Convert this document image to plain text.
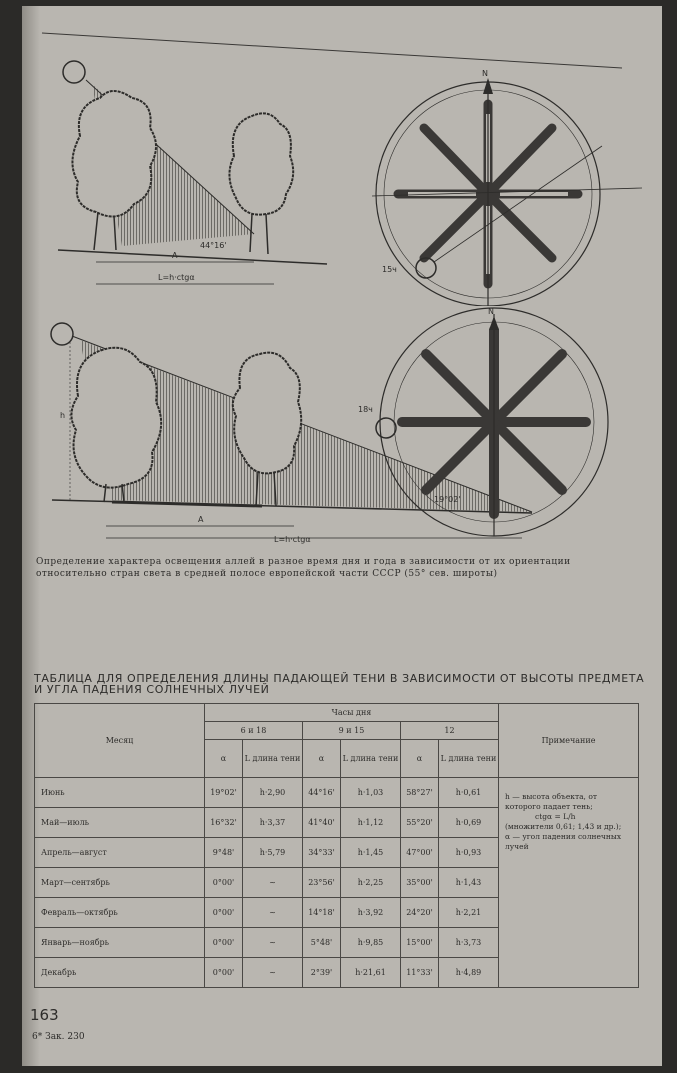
44°16'
A
L=h·ctgα
N
15ч
h
A
L=h·ctgα
N
18ч
19°02'
Определение характера освещения аллей в разное время дня и года в зависимости от их ориентации относительно стран света в средней полосе европейской части СССР (55° сев. широты)
ТАБЛИЦА ДЛЯ ОПРЕДЕЛЕНИЯ ДЛИНЫ ПАДАЮЩЕЙ ТЕНИ В ЗАВИСИМОСТИ ОТ ВЫСОТЫ ПРЕДМЕТА
И УГЛА ПАДЕНИЯ СОЛНЕЧНЫХ ЛУЧЕЙ
Месяц	Часы дня						Примечание
	6 и 18		9 и 15		12		
	α	L длина тени	α	L длина тени	α	L длина тени	
Июнь	19°02'	h·2,90	44°16'	h·1,03	58°27'	h·0,61	h — высота объекта, от которого падает тень;
ctgα = L/h
(множители 0,61; 1,43 и др.);
α — угол падения солнечных лучей

Май—июль	16°32'	h·3,37	41°40'	h·1,12	55°20'	h·0,69	
Апрель—август	9°48'	h·5,79	34°33'	h·1,45	47°00'	h·0,93	
Март—сентябрь	0°00'	~	23°56'	h·2,25	35°00'	h·1,43	
Февраль—октябрь	0°00'	~	14°18'	h·3,92	24°20'	h·2,21	
Январь—ноябрь	0°00'	~	5°48'	h·9,85	15°00'	h·3,73	
Декабрь	0°00'	~	2°39'	h·21,61	11°33'	h·4,89	
163
6* Зак. 230
